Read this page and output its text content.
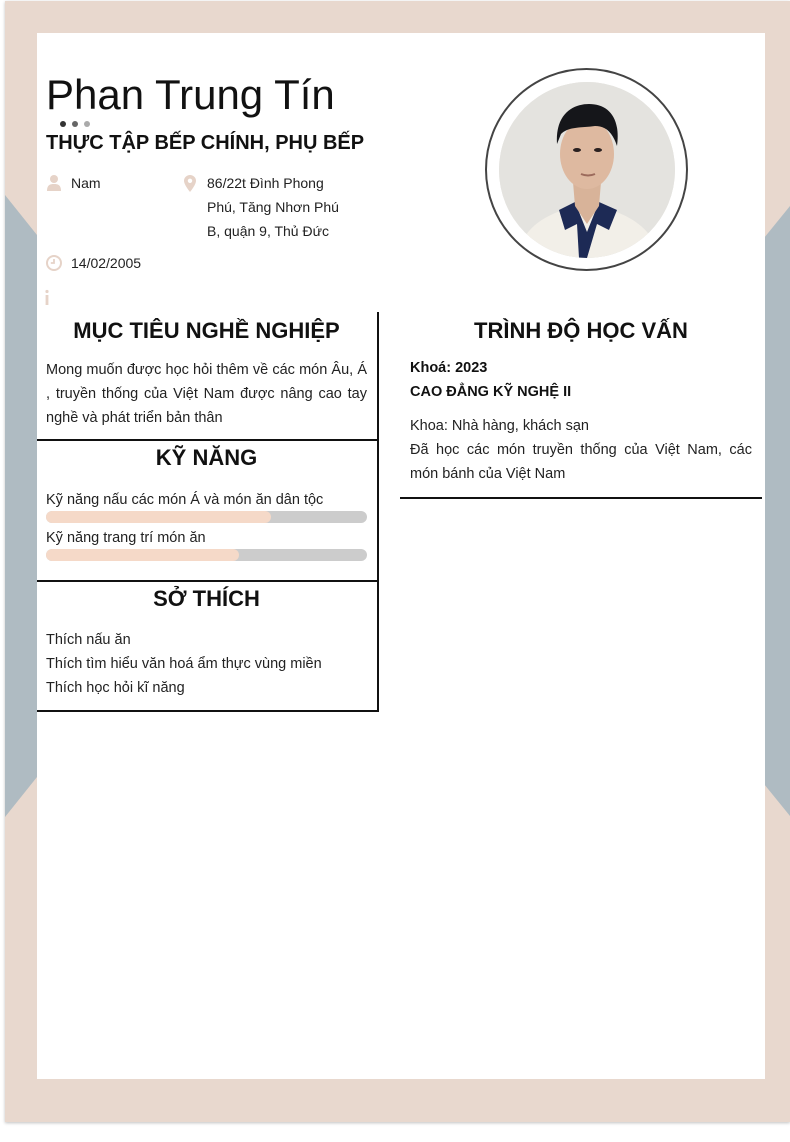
Phan Trung Tín
THỰC TẬP BẾP CHÍNH, PHỤ BẾP
Nam	86/22t Đình Phong Phú, Tăng Nhơn Phú B, quận 9, Thủ Đức
14/02/2005
MỤC TIÊU NGHỀ NGHIỆP
Mong muốn được học hỏi thêm về các món Âu, Á , truyền thống của Việt Nam được nâng cao tay nghề và phát triển bản thân
KỸ NĂNG
Kỹ năng nấu các món Á và món ăn dân tộc
Kỹ năng trang trí món ăn
SỞ THÍCH
Thích nấu ăn
Thích tìm hiểu văn hoá ẩm thực vùng miền
Thích học hỏi kĩ năng
TRÌNH ĐỘ HỌC VẤN
Khoá: 2023
CAO ĐẲNG KỸ NGHỆ II
Khoa: Nhà hàng, khách sạn
Đã học các món truyền thống của Việt Nam, các món bánh của Việt Nam
